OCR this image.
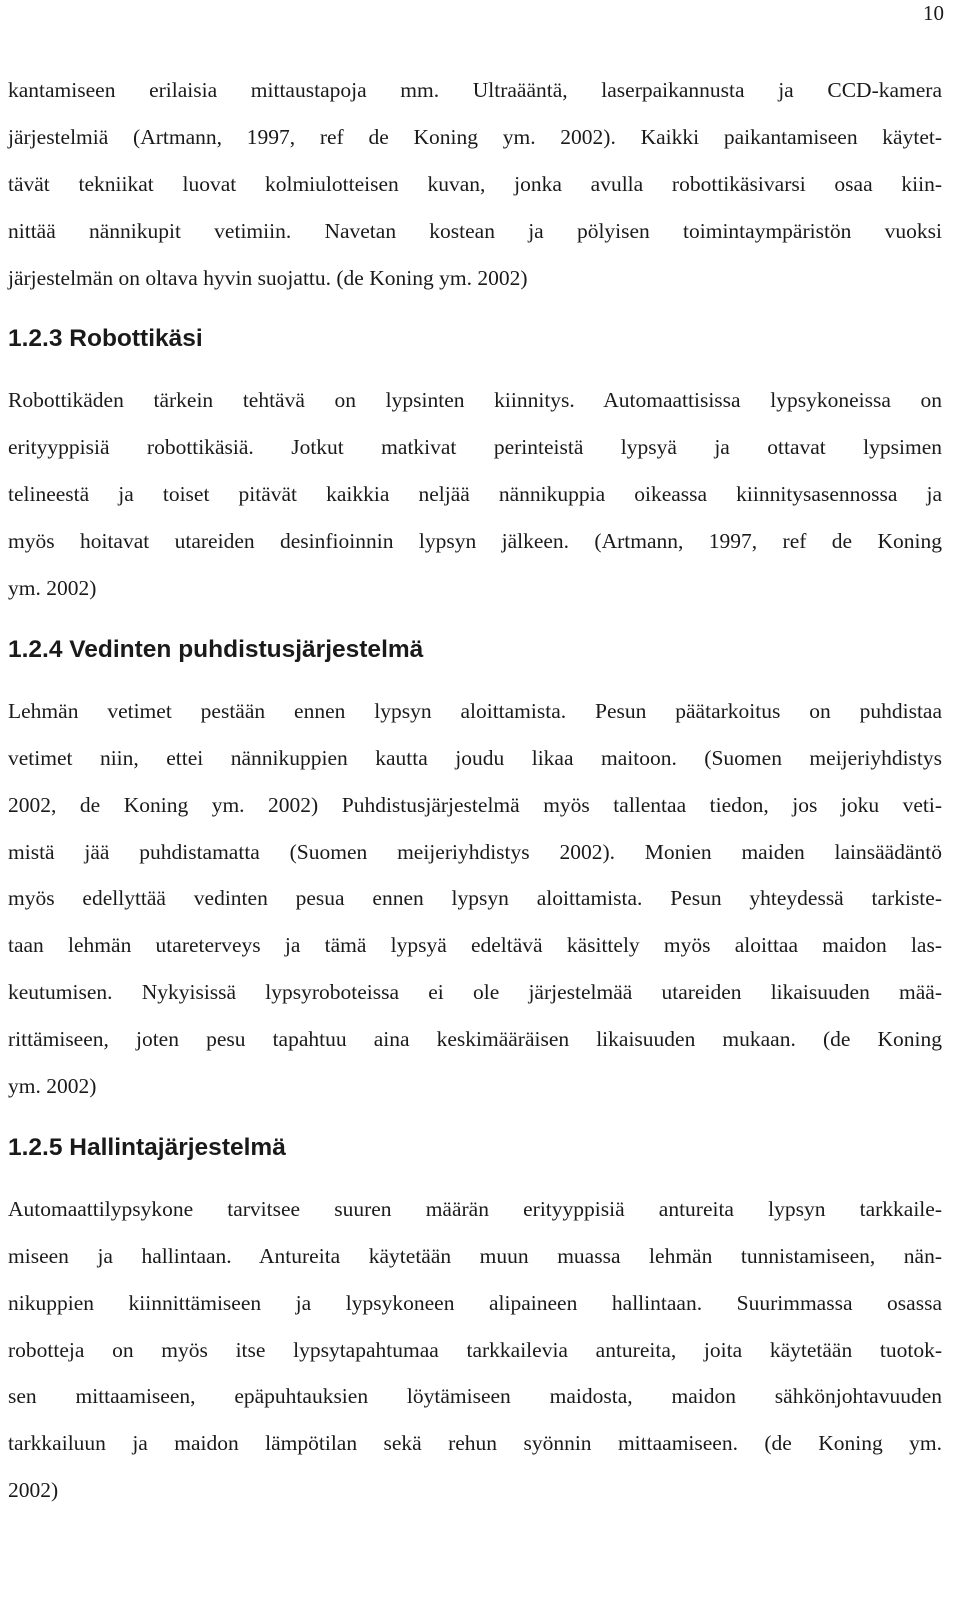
10
kantamiseen erilaisia mittaustapoja mm. Ultraääntä, laserpaikannusta ja CCD-kamera
järjestelmiä (Artmann, 1997, ref de Koning ym. 2002). Kaikki paikantamiseen käytet-
tävät tekniikat luovat kolmiulotteisen kuvan, jonka avulla robottikäsivarsi osaa kiin-
nittää nännikupit vetimiin. Navetan kostean ja pölyisen toimintaympäristön vuoksi
järjestelmän on oltava hyvin suojattu. (de Koning ym. 2002)
1.2.3 Robottikäsi
Robottikäden tärkein tehtävä on lypsinten kiinnitys. Automaattisissa lypsykoneissa on
erityyppisiä robottikäsiä. Jotkut matkivat perinteistä lypsyä ja ottavat lypsimen
telineestä ja toiset pitävät kaikkia neljää nännikuppia oikeassa kiinnitysasennossa ja
myös hoitavat utareiden desinfioinnin lypsyn jälkeen. (Artmann, 1997, ref de Koning
ym. 2002)
1.2.4 Vedinten puhdistusjärjestelmä
Lehmän vetimet pestään ennen lypsyn aloittamista. Pesun päätarkoitus on puhdistaa
vetimet niin, ettei nännikuppien kautta joudu likaa maitoon. (Suomen meijeriyhdistys
2002, de Koning ym. 2002) Puhdistusjärjestelmä myös tallentaa tiedon, jos joku veti-
mistä jää puhdistamatta (Suomen meijeriyhdistys 2002). Monien maiden lainsäädäntö
myös edellyttää vedinten pesua ennen lypsyn aloittamista. Pesun yhteydessä tarkiste-
taan lehmän utareterveys ja tämä lypsyä edeltävä käsittely myös aloittaa maidon las-
keutumisen. Nykyisissä lypsyroboteissa ei ole järjestelmää utareiden likaisuuden mää-
rittämiseen, joten pesu tapahtuu aina keskimääräisen likaisuuden mukaan. (de Koning
ym. 2002)
1.2.5 Hallintajärjestelmä
Automaattilypsykone tarvitsee suuren määrän erityyppisiä antureita lypsyn tarkkaile-
miseen ja hallintaan. Antureita käytetään muun muassa lehmän tunnistamiseen, nän-
nikuppien kiinnittämiseen ja lypsykoneen alipaineen hallintaan. Suurimmassa osassa
robotteja on myös itse lypsytapahtumaa tarkkailevia antureita, joita käytetään tuotok-
sen mittaamiseen, epäpuhtauksien löytämiseen maidosta, maidon sähkönjohtavuuden
tarkkailuun ja maidon lämpötilan sekä rehun syönnin mittaamiseen. (de Koning ym.
2002)
